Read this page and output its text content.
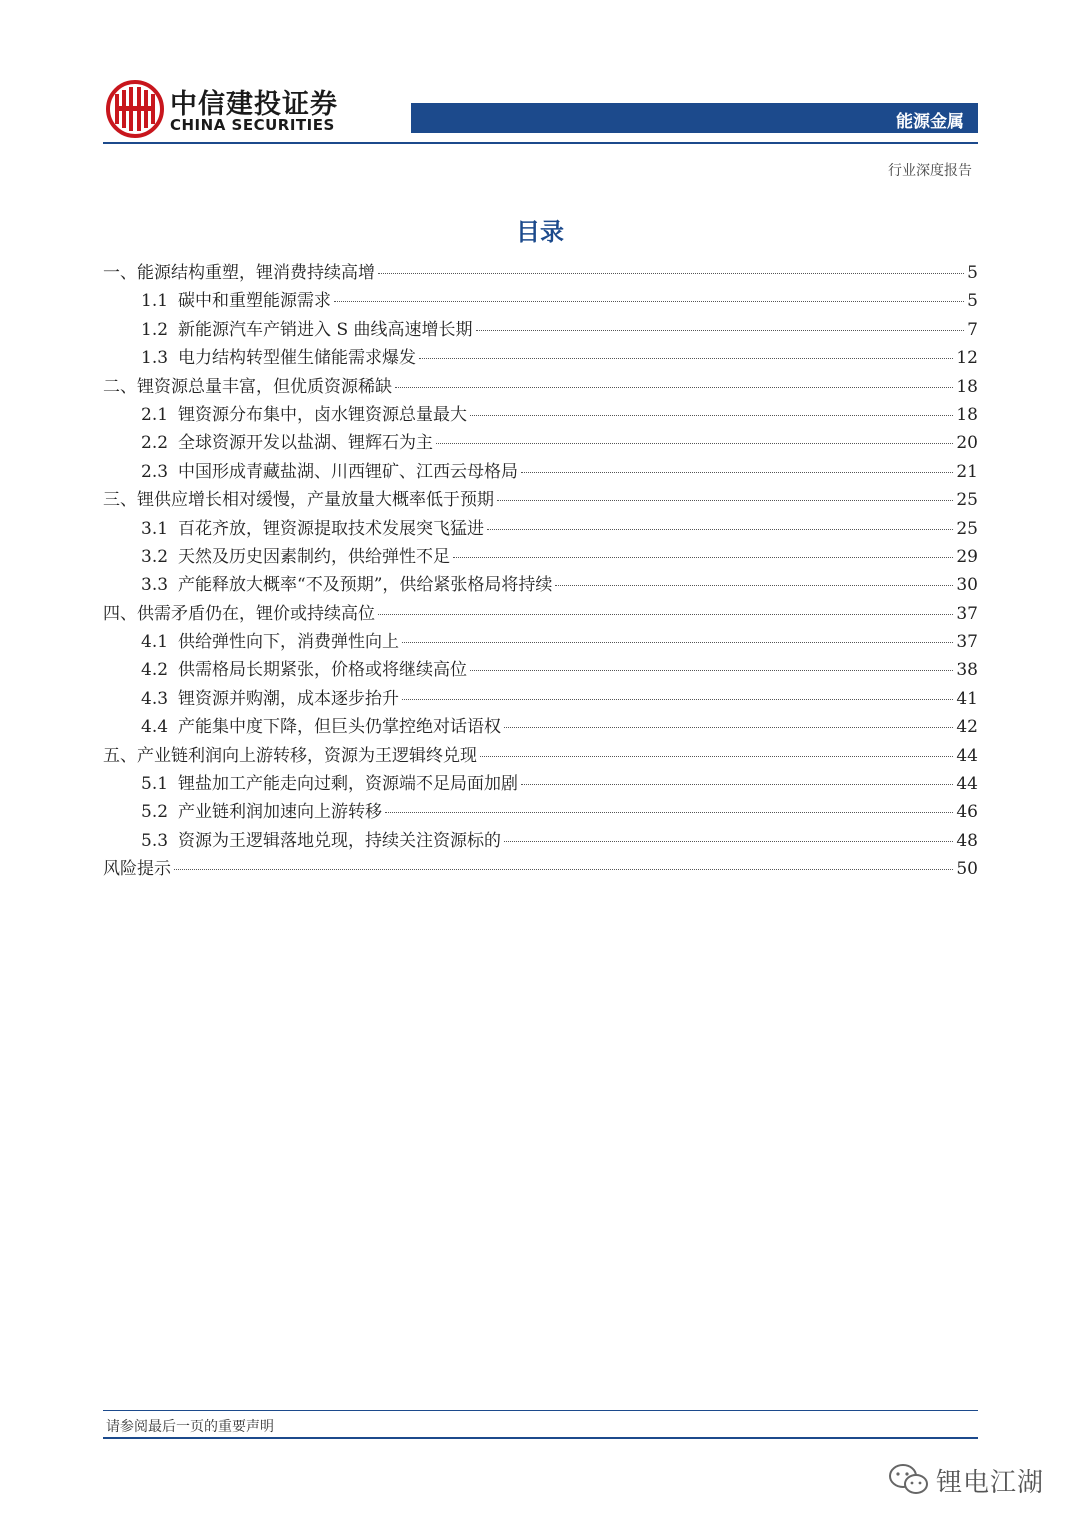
中信建投证券
CHINA SECURITIES	能源金属
行业深度报告
目录
一、能源结构重塑，锂消费持续高增	5
1.1 碳中和重塑能源需求	5
1.2 新能源汽车产销进入 S 曲线高速增长期	7
1.3 电力结构转型催生储能需求爆发	12
二、锂资源总量丰富，但优质资源稀缺	18
2.1 锂资源分布集中，卤水锂资源总量最大	18
2.2 全球资源开发以盐湖、锂辉石为主	20
2.3 中国形成青藏盐湖、川西锂矿、江西云母格局	21
三、锂供应增长相对缓慢，产量放量大概率低于预期	25
3.1 百花齐放，锂资源提取技术发展突飞猛进	25
3.2 天然及历史因素制约，供给弹性不足	29
3.3 产能释放大概率“不及预期”，供给紧张格局将持续	30
四、供需矛盾仍在，锂价或持续高位	37
4.1 供给弹性向下，消费弹性向上	37
4.2 供需格局长期紧张，价格或将继续高位	38
4.3 锂资源并购潮，成本逐步抬升	41
4.4 产能集中度下降，但巨头仍掌控绝对话语权	42
五、产业链利润向上游转移，资源为王逻辑终兑现	44
5.1 锂盐加工产能走向过剩，资源端不足局面加剧	44
5.2 产业链利润加速向上游转移	46
5.3 资源为王逻辑落地兑现，持续关注资源标的	48
风险提示	50
请参阅最后一页的重要声明
锂电江湖
